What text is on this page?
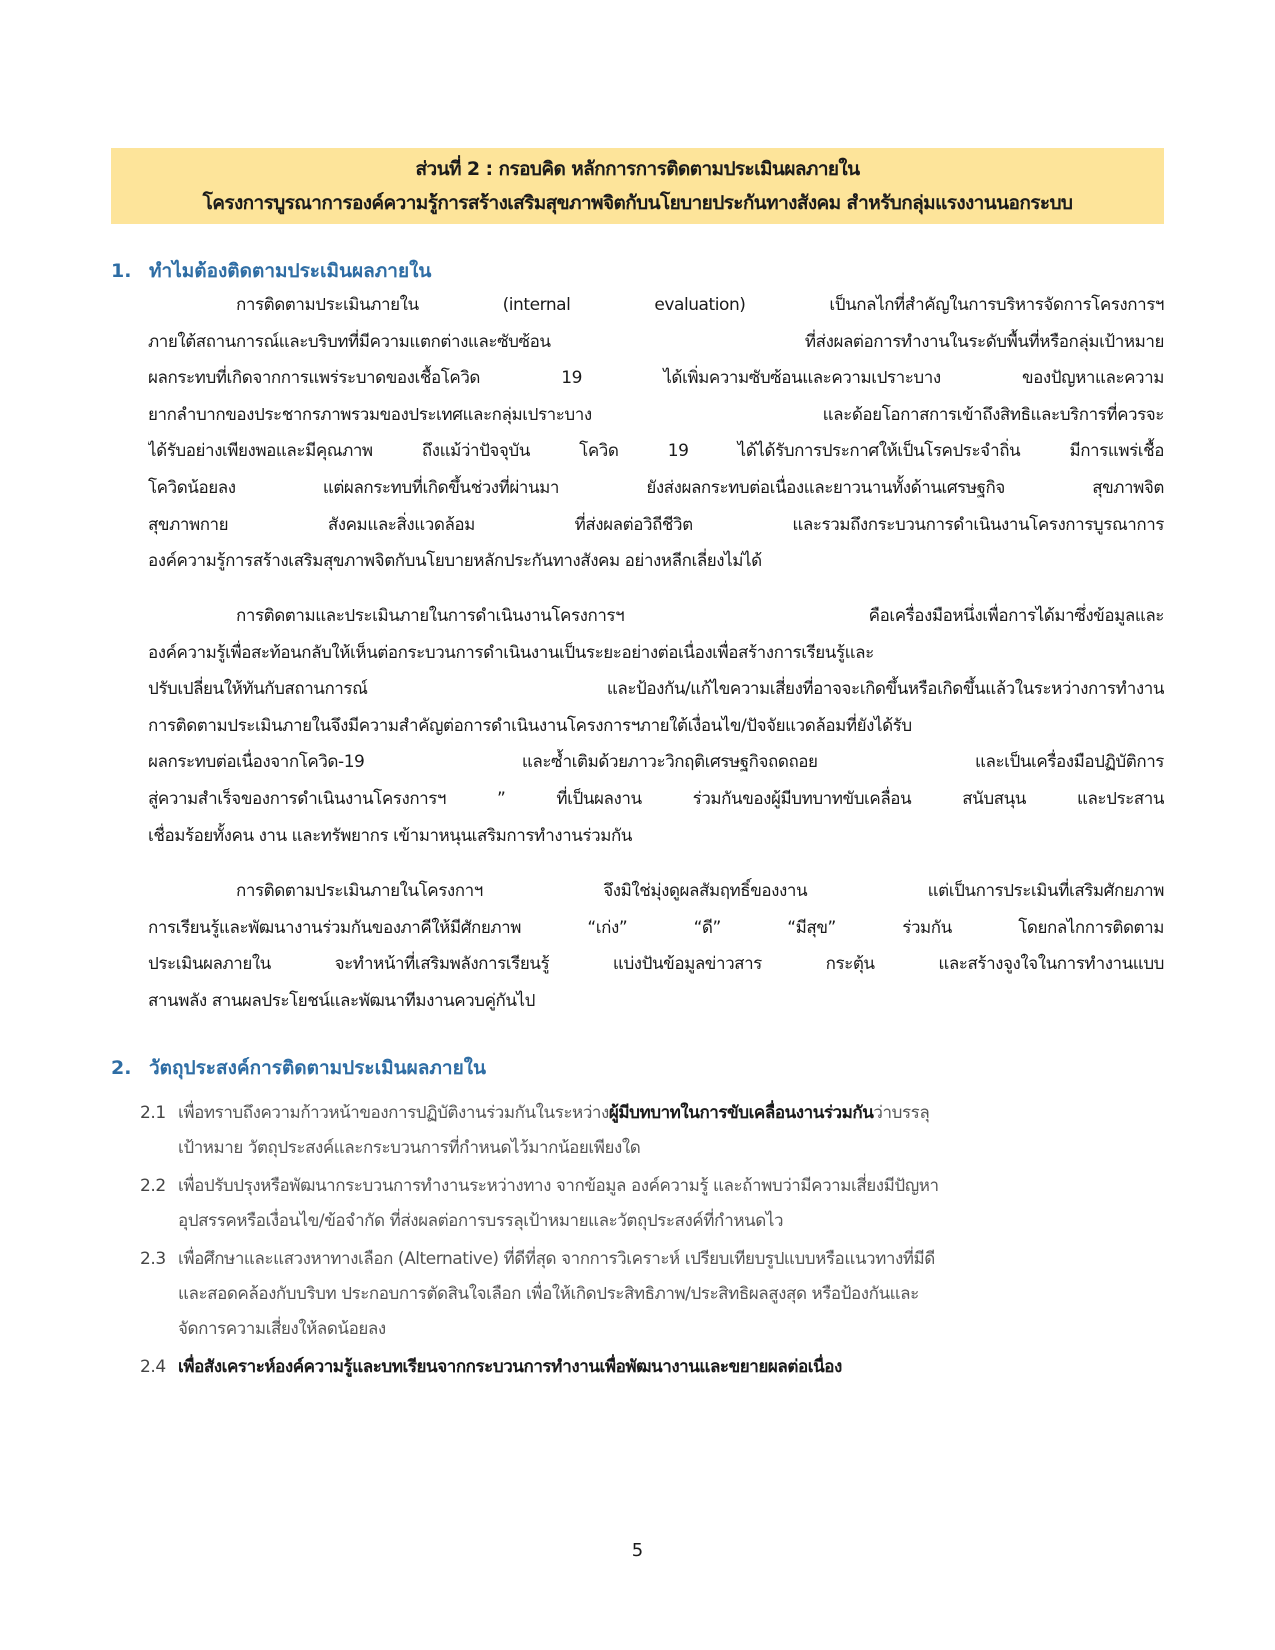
ส่วนที่ 2 : กรอบคิด หลักการการติดตามประเมินผลภายใน
โครงการบูรณาการองค์ความรู้การสร้างเสริมสุขภาพจิตกับนโยบายประกันทางสังคม สำหรับกลุ่มแรงงานนอกระบบ
1. ทำไมต้องติดตามประเมินผลภายใน
การติดตามประเมินภายใน (internal evaluation) เป็นกลไกที่สำคัญในการบริหารจัดการโครงการฯ
ภายใต้สถานการณ์และบริบทที่มีความแตกต่างและซับซ้อน ที่ส่งผลต่อการทำงานในระดับพื้นที่หรือกลุ่มเป้าหมาย
ผลกระทบที่เกิดจากการแพร่ระบาดของเชื้อโควิด 19 ได้เพิ่มความซับซ้อนและความเปราะบาง ของปัญหาและความ
ยากลำบากของประชากรภาพรวมของประเทศและกลุ่มเปราะบาง และด้อยโอกาสการเข้าถึงสิทธิและบริการที่ควรจะ
ได้รับอย่างเพียงพอและมีคุณภาพ ถึงแม้ว่าปัจจุบัน โควิด 19 ได้ได้รับการประกาศให้เป็นโรคประจำถิ่น มีการแพร่เชื้อ
โควิดน้อยลง แต่ผลกระทบที่เกิดขึ้นช่วงที่ผ่านมา ยังส่งผลกระทบต่อเนื่องและยาวนานทั้งด้านเศรษฐกิจ สุขภาพจิต
สุขภาพกาย สังคมและสิ่งแวดล้อม ที่ส่งผลต่อวิถีชีวิต และรวมถึงกระบวนการดำเนินงานโครงการบูรณาการ
องค์ความรู้การสร้างเสริมสุขภาพจิตกับนโยบายหลักประกันทางสังคม อย่างหลีกเลี่ยงไม่ได้
การติดตามและประเมินภายในการดำเนินงานโครงการฯ คือเครื่องมือหนึ่งเพื่อการได้มาซึ่งข้อมูลและ
องค์ความรู้เพื่อสะท้อนกลับให้เห็นต่อกระบวนการดำเนินงานเป็นระยะอย่างต่อเนื่องเพื่อสร้างการเรียนรู้และ
ปรับเปลี่ยนให้ทันกับสถานการณ์ และป้องกัน/แก้ไขความเสี่ยงที่อาจจะเกิดขึ้นหรือเกิดขึ้นแล้วในระหว่างการทำงาน
การติดตามประเมินภายในจึงมีความสำคัญต่อการดำเนินงานโครงการฯภายใต้เงื่อนไข/ปัจจัยแวดล้อมที่ยังได้รับ
ผลกระทบต่อเนื่องจากโควิด-19 และซ้ำเติมด้วยภาวะวิกฤติเศรษฐกิจถดถอย และเป็นเครื่องมือปฏิบัติการ
สู่ความสำเร็จของการดำเนินงานโครงการฯ ” ที่เป็นผลงาน ร่วมกันของผู้มีบทบาทขับเคลื่อน สนับสนุน และประสาน
เชื่อมร้อยทั้งคน งาน และทรัพยากร เข้ามาหนุนเสริมการทำงานร่วมกัน
การติดตามประเมินภายในโครงกาฯ จึงมิใช่มุ่งดูผลสัมฤทธิ์ของงาน แต่เป็นการประเมินที่เสริมศักยภาพ
การเรียนรู้และพัฒนางานร่วมกันของภาคีให้มีศักยภาพ “เก่ง” “ดี” “มีสุข” ร่วมกัน โดยกลไกการติดตาม
ประเมินผลภายใน จะทำหน้าที่เสริมพลังการเรียนรู้ แบ่งปันข้อมูลข่าวสาร กระตุ้น และสร้างจูงใจในการทำงานแบบ
สานพลัง สานผลประโยชน์และพัฒนาทีมงานควบคู่กันไป
2. วัตถุประสงค์การติดตามประเมินผลภายใน
2.1 เพื่อทราบถึงความก้าวหน้าของการปฏิบัติงานร่วมกันในระหว่างผู้มีบทบาทในการขับเคลื่อนงานร่วมกันว่าบรรลุ
เป้าหมาย วัตถุประสงค์และกระบวนการที่กำหนดไว้มากน้อยเพียงใด
2.2 เพื่อปรับปรุงหรือพัฒนากระบวนการทำงานระหว่างทาง จากข้อมูล องค์ความรู้ และถ้าพบว่ามีความเสี่ยงมีปัญหา
อุปสรรคหรือเงื่อนไข/ข้อจำกัด ที่ส่งผลต่อการบรรลุเป้าหมายและวัตถุประสงค์ที่กำหนดไว
2.3 เพื่อศึกษาและแสวงหาทางเลือก (Alternative) ที่ดีที่สุด จากการวิเคราะห์ เปรียบเทียบรูปแบบหรือแนวทางที่มีดี
และสอดคล้องกับบริบท ประกอบการตัดสินใจเลือก เพื่อให้เกิดประสิทธิภาพ/ประสิทธิผลสูงสุด หรือป้องกันและ
จัดการความเสี่ยงให้ลดน้อยลง
2.4 เพื่อสังเคราะห์องค์ความรู้และบทเรียนจากกระบวนการทำงานเพื่อพัฒนางานและขยายผลต่อเนื่อง
5
